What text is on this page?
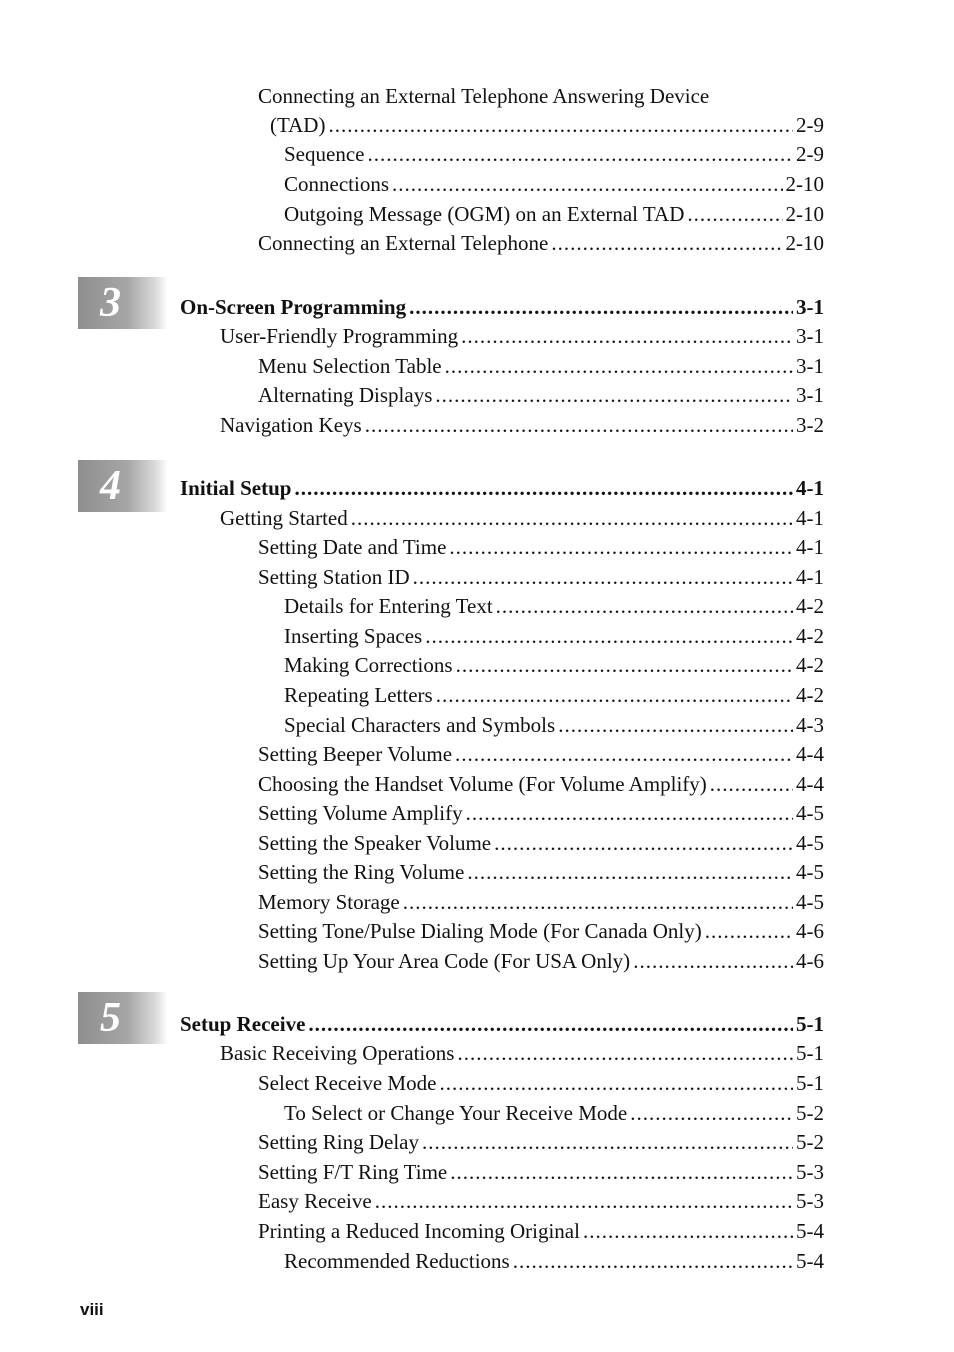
Connecting an External Telephone Answering Device
(TAD) .....	2-9
Sequence .....	2-9
Connections .....	2-10
Outgoing Message (OGM) on an External TAD .....	2-10
Connecting an External Telephone .....	2-10
3	On-Screen Programming .....	3-1
User-Friendly Programming .....	3-1
Menu Selection Table .....	3-1
Alternating Displays .....	3-1
Navigation Keys .....	3-2
4	Initial Setup .....	4-1
Getting Started .....	4-1
Setting Date and Time .....	4-1
Setting Station ID .....	4-1
Details for Entering Text .....	4-2
Inserting Spaces .....	4-2
Making Corrections .....	4-2
Repeating Letters .....	4-2
Special Characters and Symbols .....	4-3
Setting Beeper Volume .....	4-4
Choosing the Handset Volume (For Volume Amplify) .....	4-4
Setting Volume Amplify .....	4-5
Setting the Speaker Volume .....	4-5
Setting the Ring Volume .....	4-5
Memory Storage .....	4-5
Setting Tone/Pulse Dialing Mode (For Canada Only) .....	4-6
Setting Up Your Area Code (For USA Only) .....	4-6
5	Setup Receive .....	5-1
Basic Receiving Operations .....	5-1
Select Receive Mode .....	5-1
To Select or Change Your Receive Mode .....	5-2
Setting Ring Delay .....	5-2
Setting F/T Ring Time .....	5-3
Easy Receive .....	5-3
Printing a Reduced Incoming Original .....	5-4
Recommended Reductions .....	5-4
viii
